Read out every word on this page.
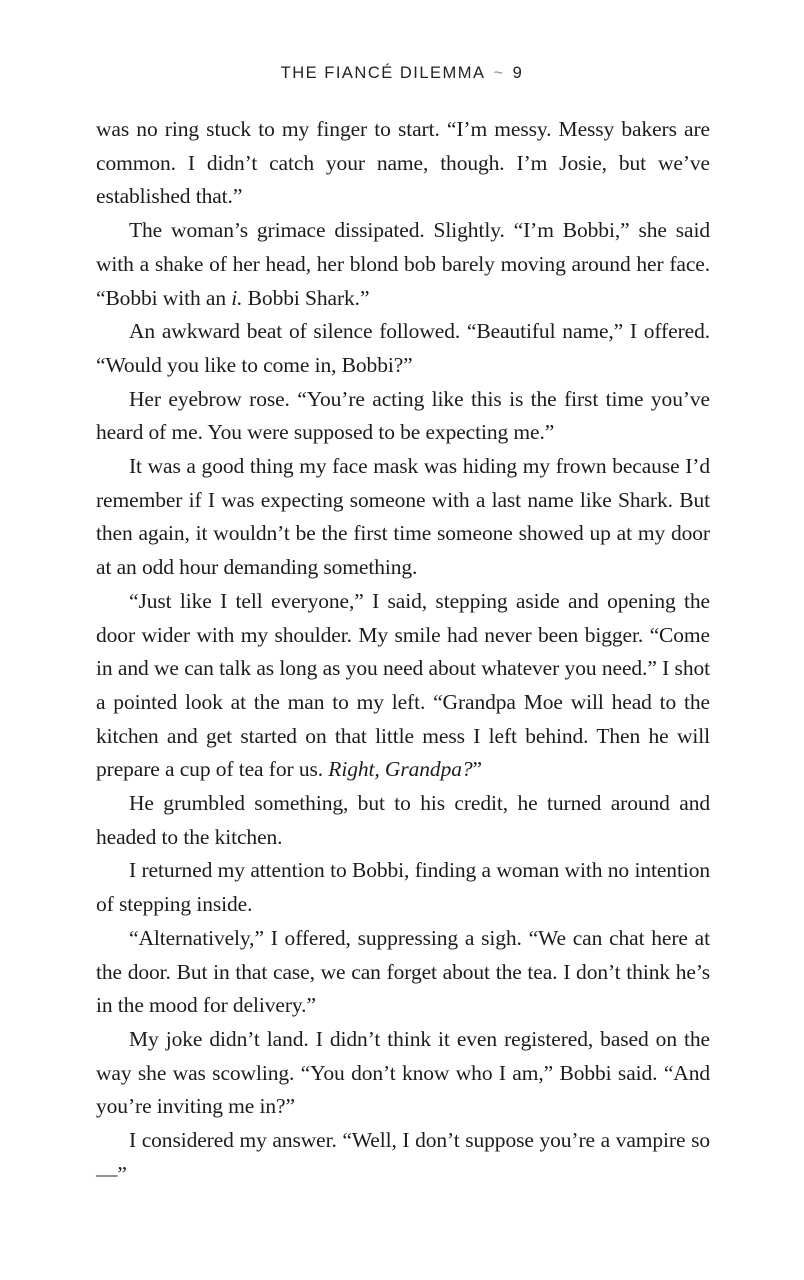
THE FIANCÉ DILEMMA ~ 9

was no ring stuck to my finger to start. “I’m messy. Messy bakers are common. I didn’t catch your name, though. I’m Josie, but we’ve established that.”

The woman’s grimace dissipated. Slightly. “I’m Bobbi,” she said with a shake of her head, her blond bob barely moving around her face. “Bobbi with an i. Bobbi Shark.”

An awkward beat of silence followed. “Beautiful name,” I offered. “Would you like to come in, Bobbi?”

Her eyebrow rose. “You’re acting like this is the first time you’ve heard of me. You were supposed to be expecting me.”

It was a good thing my face mask was hiding my frown because I’d remember if I was expecting someone with a last name like Shark. But then again, it wouldn’t be the first time someone showed up at my door at an odd hour demanding something.

“Just like I tell everyone,” I said, stepping aside and opening the door wider with my shoulder. My smile had never been bigger. “Come in and we can talk as long as you need about whatever you need.” I shot a pointed look at the man to my left. “Grandpa Moe will head to the kitchen and get started on that little mess I left behind. Then he will prepare a cup of tea for us. Right, Grandpa?”

He grumbled something, but to his credit, he turned around and headed to the kitchen.

I returned my attention to Bobbi, finding a woman with no intention of stepping inside.

“Alternatively,” I offered, suppressing a sigh. “We can chat here at the door. But in that case, we can forget about the tea. I don’t think he’s in the mood for delivery.”

My joke didn’t land. I didn’t think it even registered, based on the way she was scowling. “You don’t know who I am,” Bobbi said. “And you’re inviting me in?”

I considered my answer. “Well, I don’t suppose you’re a vampire so—”
